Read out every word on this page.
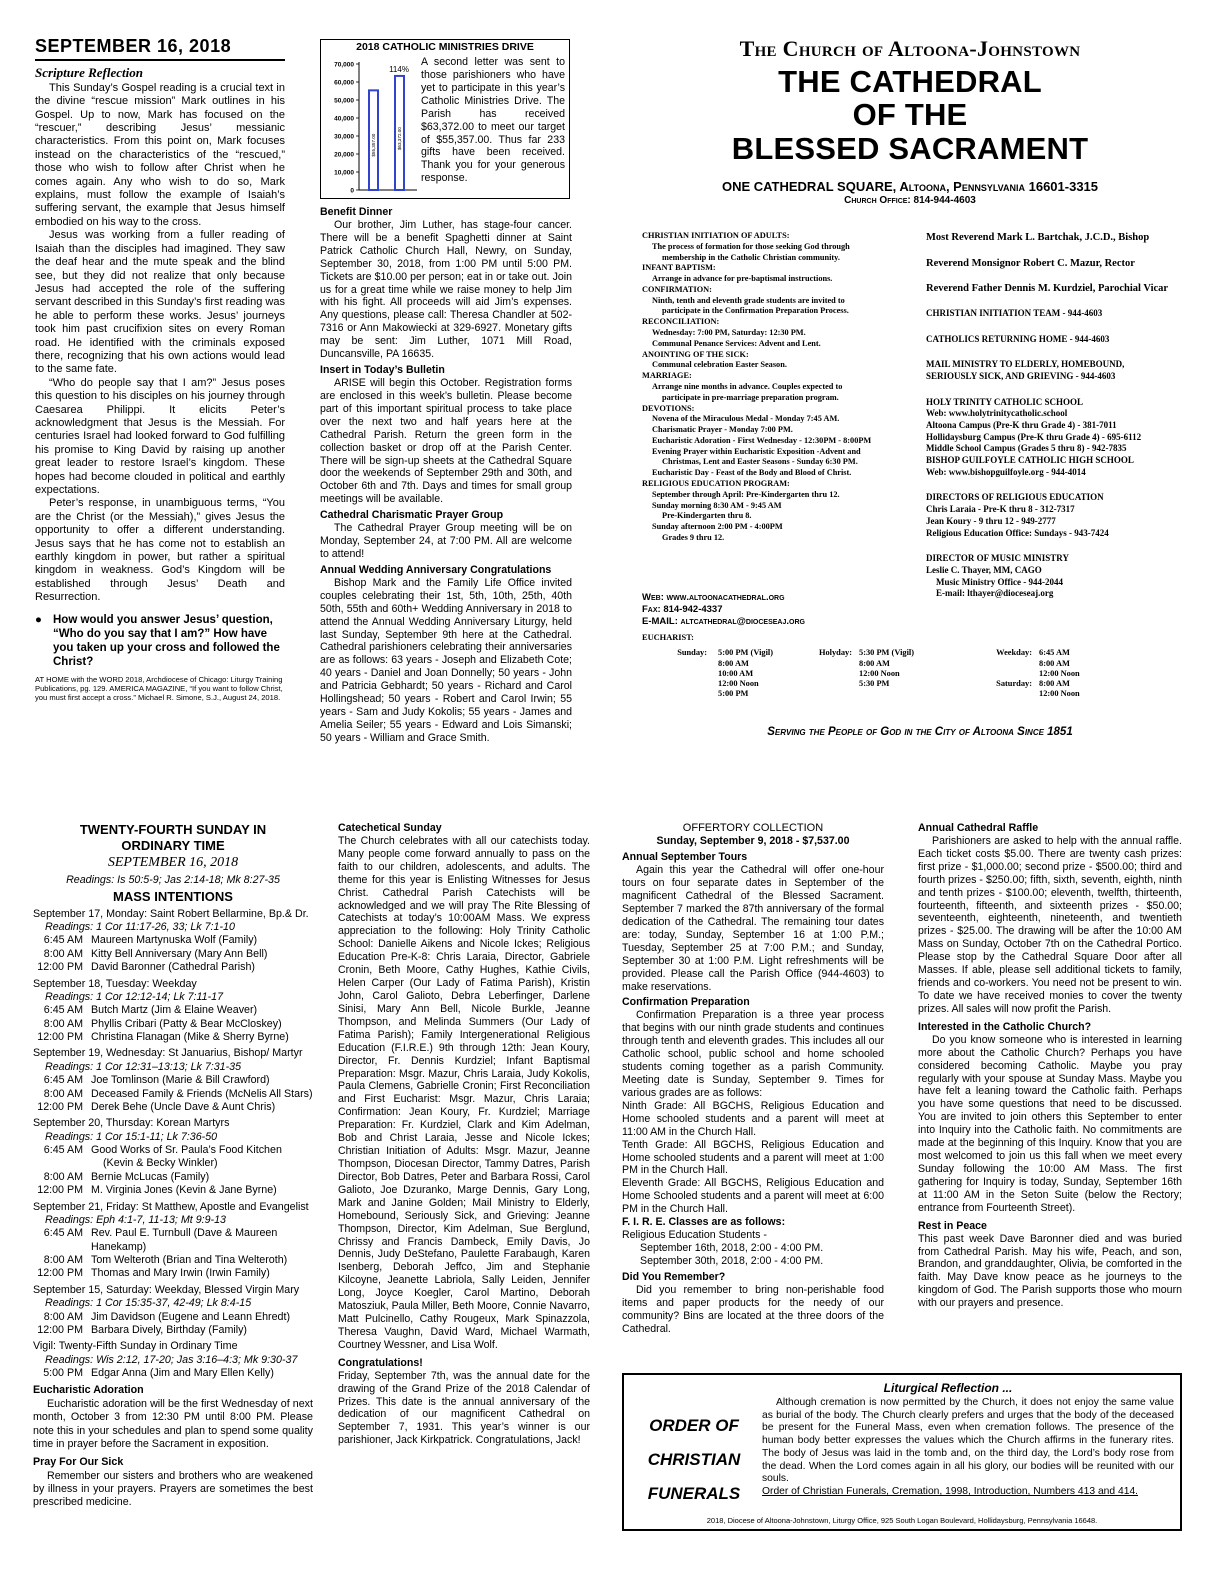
SEPTEMBER 16, 2018
Scripture Reflection
This Sunday’s Gospel reading is a crucial text in the divine “rescue mission” Mark outlines in his Gospel. Up to now, Mark has focused on the “rescuer,” describing Jesus’ messianic characteristics. From this point on, Mark focuses instead on the characteristics of the “rescued,” those who wish to follow after Christ when he comes again. Any who wish to do so, Mark explains, must follow the example of Isaiah’s suffering servant, the example that Jesus himself embodied on his way to the cross.
Jesus was working from a fuller reading of Isaiah than the disciples had imagined. They saw the deaf hear and the mute speak and the blind see, but they did not realize that only because Jesus had accepted the role of the suffering servant described in this Sunday’s first reading was he able to perform these works. Jesus’ journeys took him past crucifixion sites on every Roman road. He identified with the criminals exposed there, recognizing that his own actions would lead to the same fate.
“Who do people say that I am?” Jesus poses this question to his disciples on his journey through Caesarea Philippi. It elicits Peter’s acknowledgment that Jesus is the Messiah. For centuries Israel had looked forward to God fulfilling his promise to King David by raising up another great leader to restore Israel’s kingdom. These hopes had become clouded in political and earthly expectations.
Peter’s response, in unambiguous terms, “You are the Christ (or the Messiah),” gives Jesus the opportunity to offer a different understanding. Jesus says that he has come not to establish an earthly kingdom in power, but rather a spiritual kingdom in weakness. God’s Kingdom will be established through Jesus’ Death and Resurrection.
● How would you answer Jesus’ question, “Who do you say that I am?” How have you taken up your cross and followed the Christ?
AT HOME with the WORD 2018, Archdiocese of Chicago: Liturgy Training Publications, pg. 129. AMERICA MAGAZINE, “If you want to follow Christ, you must first accept a cross.” Michael R. Simone, S.J., August 24, 2018.
2018 CATHOLIC MINISTRIES DRIVE
70,000
60,000
50,000
40,000
30,000
20,000
10,000
0
$55,357.00	$63,372.00
114%
A second letter was sent to those parishioners who have yet to participate in this year’s Catholic Ministries Drive. The Parish has received $63,372.00 to meet our target of $55,357.00. Thus far 233 gifts have been received. Thank you for your generous response.
Benefit Dinner
Our brother, Jim Luther, has stage-four cancer. There will be a benefit Spaghetti dinner at Saint Patrick Catholic Church Hall, Newry, on Sunday, September 30, 2018, from 1:00 PM until 5:00 PM. Tickets are $10.00 per person; eat in or take out. Join us for a great time while we raise money to help Jim with his fight. All proceeds will aid Jim’s expenses. Any questions, please call: Theresa Chandler at 502-7316 or Ann Makowiecki at 329-6927. Monetary gifts may be sent: Jim Luther, 1071 Mill Road, Duncansville, PA 16635.
Insert in Today’s Bulletin
ARISE will begin this October. Registration forms are enclosed in this week’s bulletin. Please become part of this important spiritual process to take place over the next two and half years here at the Cathedral Parish. Return the green form in the collection basket or drop off at the Parish Center. There will be sign-up sheets at the Cathedral Square door the weekends of September 29th and 30th, and October 6th and 7th. Days and times for small group meetings will be available.
Cathedral Charismatic Prayer Group
The Cathedral Prayer Group meeting will be on Monday, September 24, at 7:00 PM. All are welcome to attend!
Annual Wedding Anniversary Congratulations
Bishop Mark and the Family Life Office invited couples celebrating their 1st, 5th, 10th, 25th, 40th 50th, 55th and 60th+ Wedding Anniversary in 2018 to attend the Annual Wedding Anniversary Liturgy, held last Sunday, September 9th here at the Cathedral. Cathedral parishioners celebrating their anniversaries are as follows: 63 years - Joseph and Elizabeth Cote; 40 years - Daniel and Joan Donnelly; 50 years - John and Patricia Gebhardt; 50 years - Richard and Carol Hollingshead; 50 years - Robert and Carol Irwin; 55 years - Sam and Judy Kokolis; 55 years - James and Amelia Seiler; 55 years - Edward and Lois Simanski; 50 years - William and Grace Smith.
The Church of Altoona-Johnstown
THE CATHEDRAL
OF THE
BLESSED SACRAMENT
ONE CATHEDRAL SQUARE, Altoona, Pennsylvania 16601-3315
Church Office: 814-944-4603
CHRISTIAN INITIATION OF ADULTS:
The process of formation for those seeking God through
membership in the Catholic Christian community.
INFANT BAPTISM:
Arrange in advance for pre-baptismal instructions.
CONFIRMATION:
Ninth, tenth and eleventh grade students are invited to
participate in the Confirmation Preparation Process.
RECONCILIATION:
Wednesday: 7:00 PM, Saturday: 12:30 PM.
Communal Penance Services: Advent and Lent.
ANOINTING OF THE SICK:
Communal celebration Easter Season.
MARRIAGE:
Arrange nine months in advance. Couples expected to
participate in pre-marriage preparation program.
DEVOTIONS:
Novena of the Miraculous Medal - Monday 7:45 AM.
Charismatic Prayer - Monday 7:00 PM.
Eucharistic Adoration - First Wednesday - 12:30PM - 8:00PM
Evening Prayer within Eucharistic Exposition -Advent and
Christmas, Lent and Easter Seasons - Sunday 6:30 PM.
Eucharistic Day - Feast of the Body and Blood of Christ.
RELIGIOUS EDUCATION PROGRAM:
September through April: Pre-Kindergarten thru 12.
Sunday morning 8:30 AM - 9:45 AM
Pre-Kindergarten thru 8.
Sunday afternoon 2:00 PM - 4:00PM
Grades 9 thru 12.
Web: www.altoonacathedral.org
Fax: 814-942-4337
E-MAIL: altcathedral@dioceseaj.org
Most Reverend Mark L. Bartchak, J.C.D., Bishop
Reverend Monsignor Robert C. Mazur, Rector
Reverend Father Dennis M. Kurdziel, Parochial Vicar
CHRISTIAN INITIATION TEAM - 944-4603
CATHOLICS RETURNING HOME - 944-4603
MAIL MINISTRY TO ELDERLY, HOMEBOUND,
SERIOUSLY SICK, AND GRIEVING - 944-4603
HOLY TRINITY CATHOLIC SCHOOL
Web: www.holytrinitycatholic.school
Altoona Campus (Pre-K thru Grade 4) - 381-7011
Hollidaysburg Campus (Pre-K thru Grade 4) - 695-6112
Middle School Campus (Grades 5 thru 8) - 942-7835
BISHOP GUILFOYLE CATHOLIC HIGH SCHOOL
Web: www.bishopguilfoyle.org - 944-4014
DIRECTORS OF RELIGIOUS EDUCATION
Chris Laraia - Pre-K thru 8 - 312-7317
Jean Koury - 9 thru 12 - 949-2777
Religious Education Office: Sundays - 943-7424
DIRECTOR OF MUSIC MINISTRY
Leslie C. Thayer, MM, CAGO
Music Ministry Office - 944-2044
E-mail: lthayer@dioceseaj.org
EUCHARIST:
Sunday:	5:00 PM (Vigil)	Holyday:	5:30 PM (Vigil)	Weekday:	6:45 AM
	8:00 AM		8:00 AM		8:00 AM
	10:00 AM		12:00 Noon		12:00 Noon
	12:00 Noon		5:30 PM	Saturday:	8:00 AM
	5:00 PM				12:00 Noon
Serving the People of God in the City of Altoona Since 1851
TWENTY-FOURTH SUNDAY IN ORDINARY TIME
SEPTEMBER 16, 2018
Readings: Is 50:5-9; Jas 2:14-18; Mk 8:27-35
MASS INTENTIONS
September 17, Monday: Saint Robert Bellarmine, Bp.& Dr.
Readings: 1 Cor 11:17-26, 33; Lk 7:1-10
6:45 AM Maureen Martynuska Wolf (Family)
8:00 AM Kitty Bell Anniversary (Mary Ann Bell)
12:00 PM David Baronner (Cathedral Parish)
September 18, Tuesday: Weekday
Readings: 1 Cor 12:12-14; Lk 7:11-17
6:45 AM Butch Martz (Jim & Elaine Weaver)
8:00 AM Phyllis Cribari (Patty & Bear McCloskey)
12:00 PM Christina Flanagan (Mike & Sherry Byrne)
September 19, Wednesday: St Januarius, Bishop/ Martyr
Readings: 1 Cor 12:31–13:13; Lk 7:31-35
6:45 AM Joe Tomlinson (Marie & Bill Crawford)
8:00 AM Deceased Family & Friends (McNelis All Stars)
12:00 PM Derek Behe (Uncle Dave & Aunt Chris)
September 20, Thursday: Korean Martyrs
Readings: 1 Cor 15:1-11; Lk 7:36-50
6:45 AM Good Works of Sr. Paula’s Food Kitchen
(Kevin & Becky Winkler)
8:00 AM Bernie McLucas (Family)
12:00 PM M. Virginia Jones (Kevin & Jane Byrne)
September 21, Friday: St Matthew, Apostle and Evangelist
Readings: Eph 4:1-7, 11-13; Mt 9:9-13
6:45 AM Rev. Paul E. Turnbull (Dave & Maureen Hanekamp)
8:00 AM Tom Welteroth (Brian and Tina Welteroth)
12:00 PM Thomas and Mary Irwin (Irwin Family)
September 15, Saturday: Weekday, Blessed Virgin Mary
Readings: 1 Cor 15:35-37, 42-49; Lk 8:4-15
8:00 AM Jim Davidson (Eugene and Leann Ehredt)
12:00 PM Barbara Dively, Birthday (Family)
Vigil: Twenty-Fifth Sunday in Ordinary Time
Readings: Wis 2:12, 17-20; Jas 3:16–4:3; Mk 9:30-37
5:00 PM Edgar Anna (Jim and Mary Ellen Kelly)
Eucharistic Adoration
Eucharistic adoration will be the first Wednesday of next month, October 3 from 12:30 PM until 8:00 PM. Please note this in your schedules and plan to spend some quality time in prayer before the Sacrament in exposition.
Pray For Our Sick
Remember our sisters and brothers who are weakened by illness in your prayers. Prayers are sometimes the best prescribed medicine.
Catechetical Sunday
The Church celebrates with all our catechists today. Many people come forward annually to pass on the faith to our children, adolescents, and adults. The theme for this year is Enlisting Witnesses for Jesus Christ. Cathedral Parish Catechists will be acknowledged and we will pray The Rite Blessing of Catechists at today’s 10:00AM Mass. We express appreciation to the following: Holy Trinity Catholic School: Danielle Aikens and Nicole Ickes; Religious Education Pre-K-8: Chris Laraia, Director, Gabriele Cronin, Beth Moore, Cathy Hughes, Kathie Civils, Helen Carper (Our Lady of Fatima Parish), Kristin John, Carol Galioto, Debra Leberfinger, Darlene Sinisi, Mary Ann Bell, Nicole Burkle, Jeanne Thompson, and Melinda Summers (Our Lady of Fatima Parish); Family Intergenerational Religious Education (F.I.R.E.) 9th through 12th: Jean Koury, Director, Fr. Dennis Kurdziel; Infant Baptismal Preparation: Msgr. Mazur, Chris Laraia, Judy Kokolis, Paula Clemens, Gabrielle Cronin; First Reconciliation and First Eucharist: Msgr. Mazur, Chris Laraia; Confirmation: Jean Koury, Fr. Kurdziel; Marriage Preparation: Fr. Kurdziel, Clark and Kim Adelman, Bob and Christ Laraia, Jesse and Nicole Ickes; Christian Initiation of Adults: Msgr. Mazur, Jeanne Thompson, Diocesan Director, Tammy Datres, Parish Director, Bob Datres, Peter and Barbara Rossi, Carol Galioto, Joe Dzuranko, Marge Dennis, Gary Long, Mark and Janine Golden; Mail Ministry to Elderly, Homebound, Seriously Sick, and Grieving: Jeanne Thompson, Director, Kim Adelman, Sue Berglund, Chrissy and Francis Dambeck, Emily Davis, Jo Dennis, Judy DeStefano, Paulette Farabaugh, Karen Isenberg, Deborah Jeffco, Jim and Stephanie Kilcoyne, Jeanette Labriola, Sally Leiden, Jennifer Long, Joyce Koegler, Carol Martino, Deborah Matosziuk, Paula Miller, Beth Moore, Connie Navarro, Matt Pulcinello, Cathy Rougeux, Mark Spinazzola, Theresa Vaughn, David Ward, Michael Warmath, Courtney Wessner, and Lisa Wolf.
Congratulations!
Friday, September 7th, was the annual date for the drawing of the Grand Prize of the 2018 Calendar of Prizes. This date is the annual anniversary of the dedication of our magnificent Cathedral on September 7, 1931. This year’s winner is our parishioner, Jack Kirkpatrick. Congratulations, Jack!
OFFERTORY COLLECTION
Sunday, September 9, 2018 - $7,537.00
Annual September Tours
Again this year the Cathedral will offer one-hour tours on four separate dates in September of the magnificent Cathedral of the Blessed Sacrament. September 7 marked the 87th anniversary of the formal dedication of the Cathedral. The remaining tour dates are: today, Sunday, September 16 at 1:00 P.M.; Tuesday, September 25 at 7:00 P.M.; and Sunday, September 30 at 1:00 P.M. Light refreshments will be provided. Please call the Parish Office (944-4603) to make reservations.
Confirmation Preparation
Confirmation Preparation is a three year process that begins with our ninth grade students and continues through tenth and eleventh grades. This includes all our Catholic school, public school and home schooled students coming together as a parish Community. Meeting date is Sunday, September 9. Times for various grades are as follows:
Ninth Grade: All BGCHS, Religious Education and Home schooled students and a parent will meet at 11:00 AM in the Church Hall.
Tenth Grade: All BGCHS, Religious Education and Home schooled students and a parent will meet at 1:00 PM in the Church Hall.
Eleventh Grade: All BGCHS, Religious Education and Home Schooled students and a parent will meet at 6:00 PM in the Church Hall.
F. I. R. E. Classes are as follows:
Religious Education Students -
September 16th, 2018, 2:00 - 4:00 PM.
September 30th, 2018, 2:00 - 4:00 PM.
Did You Remember?
Did you remember to bring non-perishable food items and paper products for the needy of our community? Bins are located at the three doors of the Cathedral.
Annual Cathedral Raffle
Parishioners are asked to help with the annual raffle. Each ticket costs $5.00. There are twenty cash prizes: first prize - $1,000.00; second prize - $500.00; third and fourth prizes - $250.00; fifth, sixth, seventh, eighth, ninth and tenth prizes - $100.00; eleventh, twelfth, thirteenth, fourteenth, fifteenth, and sixteenth prizes - $50.00; seventeenth, eighteenth, nineteenth, and twentieth prizes - $25.00. The drawing will be after the 10:00 AM Mass on Sunday, October 7th on the Cathedral Portico. Please stop by the Cathedral Square Door after all Masses. If able, please sell additional tickets to family, friends and co-workers. You need not be present to win. To date we have received monies to cover the twenty prizes. All sales will now profit the Parish.
Interested in the Catholic Church?
Do you know someone who is interested in learning more about the Catholic Church? Perhaps you have considered becoming Catholic. Maybe you pray regularly with your spouse at Sunday Mass. Maybe you have felt a leaning toward the Catholic faith. Perhaps you have some questions that need to be discussed. You are invited to join others this September to enter into Inquiry into the Catholic faith. No commitments are made at the beginning of this Inquiry. Know that you are most welcomed to join us this fall when we meet every Sunday following the 10:00 AM Mass. The first gathering for Inquiry is today, Sunday, September 16th at 11:00 AM in the Seton Suite (below the Rectory; entrance from Fourteenth Street).
Rest in Peace
This past week Dave Baronner died and was buried from Cathedral Parish. May his wife, Peach, and son, Brandon, and granddaughter, Olivia, be comforted in the faith. May Dave know peace as he journeys to the kingdom of God. The Parish supports those who mourn with our prayers and presence.
ORDER OF
CHRISTIAN
FUNERALS
Liturgical Reflection ...
Although cremation is now permitted by the Church, it does not enjoy the same value as burial of the body. The Church clearly prefers and urges that the body of the deceased be present for the Funeral Mass, even when cremation follows. The presence of the human body better expresses the values which the Church affirms in the funerary rites. The body of Jesus was laid in the tomb and, on the third day, the Lord’s body rose from the dead. When the Lord comes again in all his glory, our bodies will be reunited with our souls.
Order of Christian Funerals, Cremation, 1998, Introduction, Numbers 413 and 414.
2018, Diocese of Altoona-Johnstown, Liturgy Office, 925 South Logan Boulevard, Hollidaysburg, Pennsylvania 16648.
